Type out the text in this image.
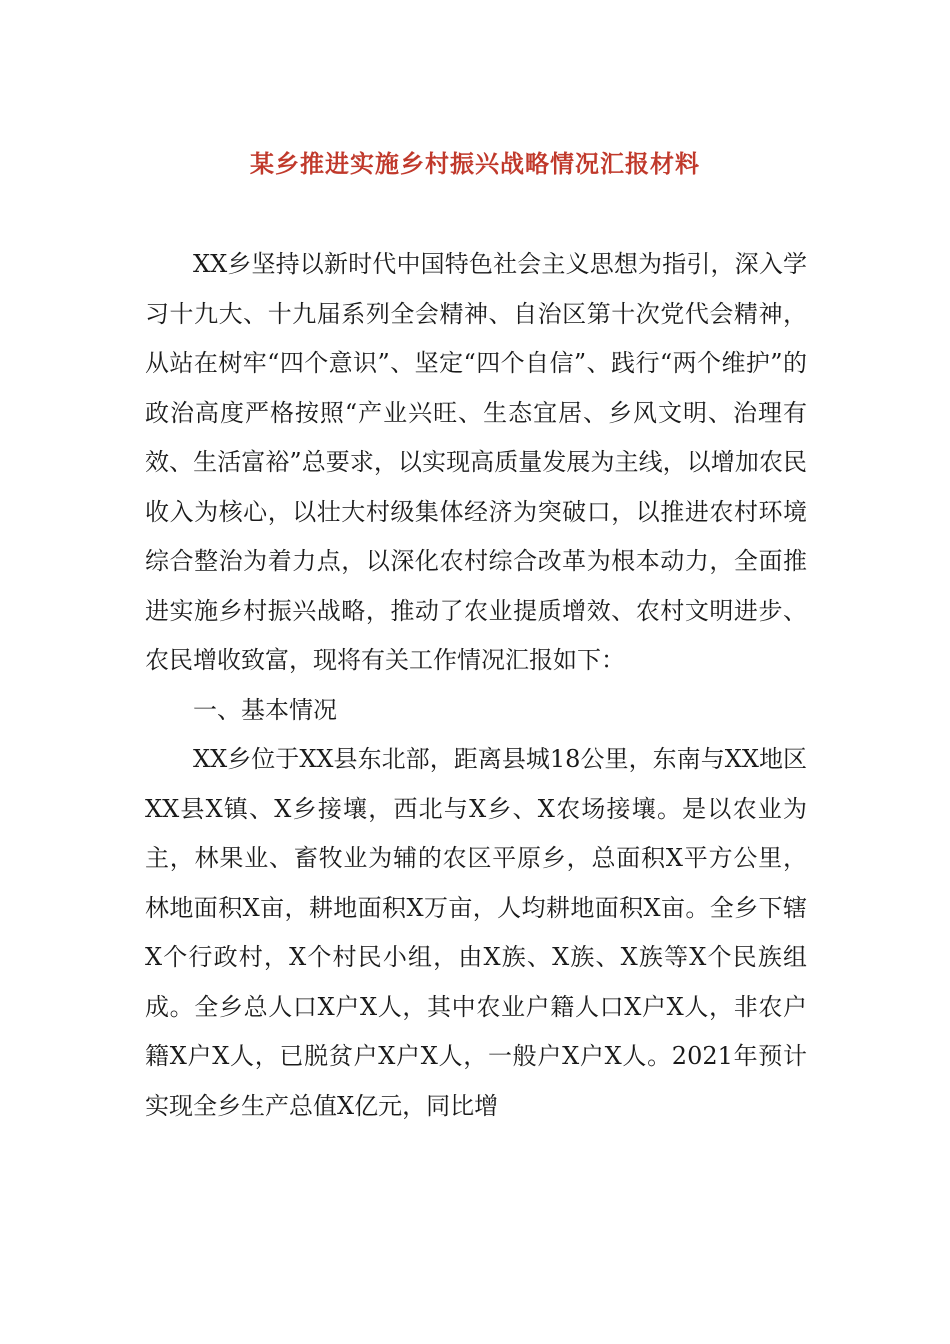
某乡推进实施乡村振兴战略情况汇报材料

XX乡坚持以新时代中国特色社会主义思想为指引，深入学习十九大、十九届系列全会精神、自治区第十次党代会精神，从站在树牢“四个意识”、坚定“四个自信”、践行“两个维护”的政治高度严格按照“产业兴旺、生态宜居、乡风文明、治理有效、生活富裕”总要求，以实现高质量发展为主线，以增加农民收入为核心，以壮大村级集体经济为突破口，以推进农村环境综合整治为着力点，以深化农村综合改革为根本动力，全面推进实施乡村振兴战略，推动了农业提质增效、农村文明进步、农民增收致富，现将有关工作情况汇报如下：

一、基本情况

XX乡位于XX县东北部，距离县城18公里，东南与XX地区XX县X镇、X乡接壤，西北与X乡、X农场接壤。是以农业为主，林果业、畜牧业为辅的农区平原乡，总面积X平方公里，林地面积X亩，耕地面积X万亩，人均耕地面积X亩。全乡下辖X个行政村，X个村民小组，由X族、X族、X族等X个民族组成。全乡总人口X户X人，其中农业户籍人口X户X人，非农户籍X户X人，已脱贫户X户X人，一般户X户X人。2021年预计实现全乡生产总值X亿元，同比增
